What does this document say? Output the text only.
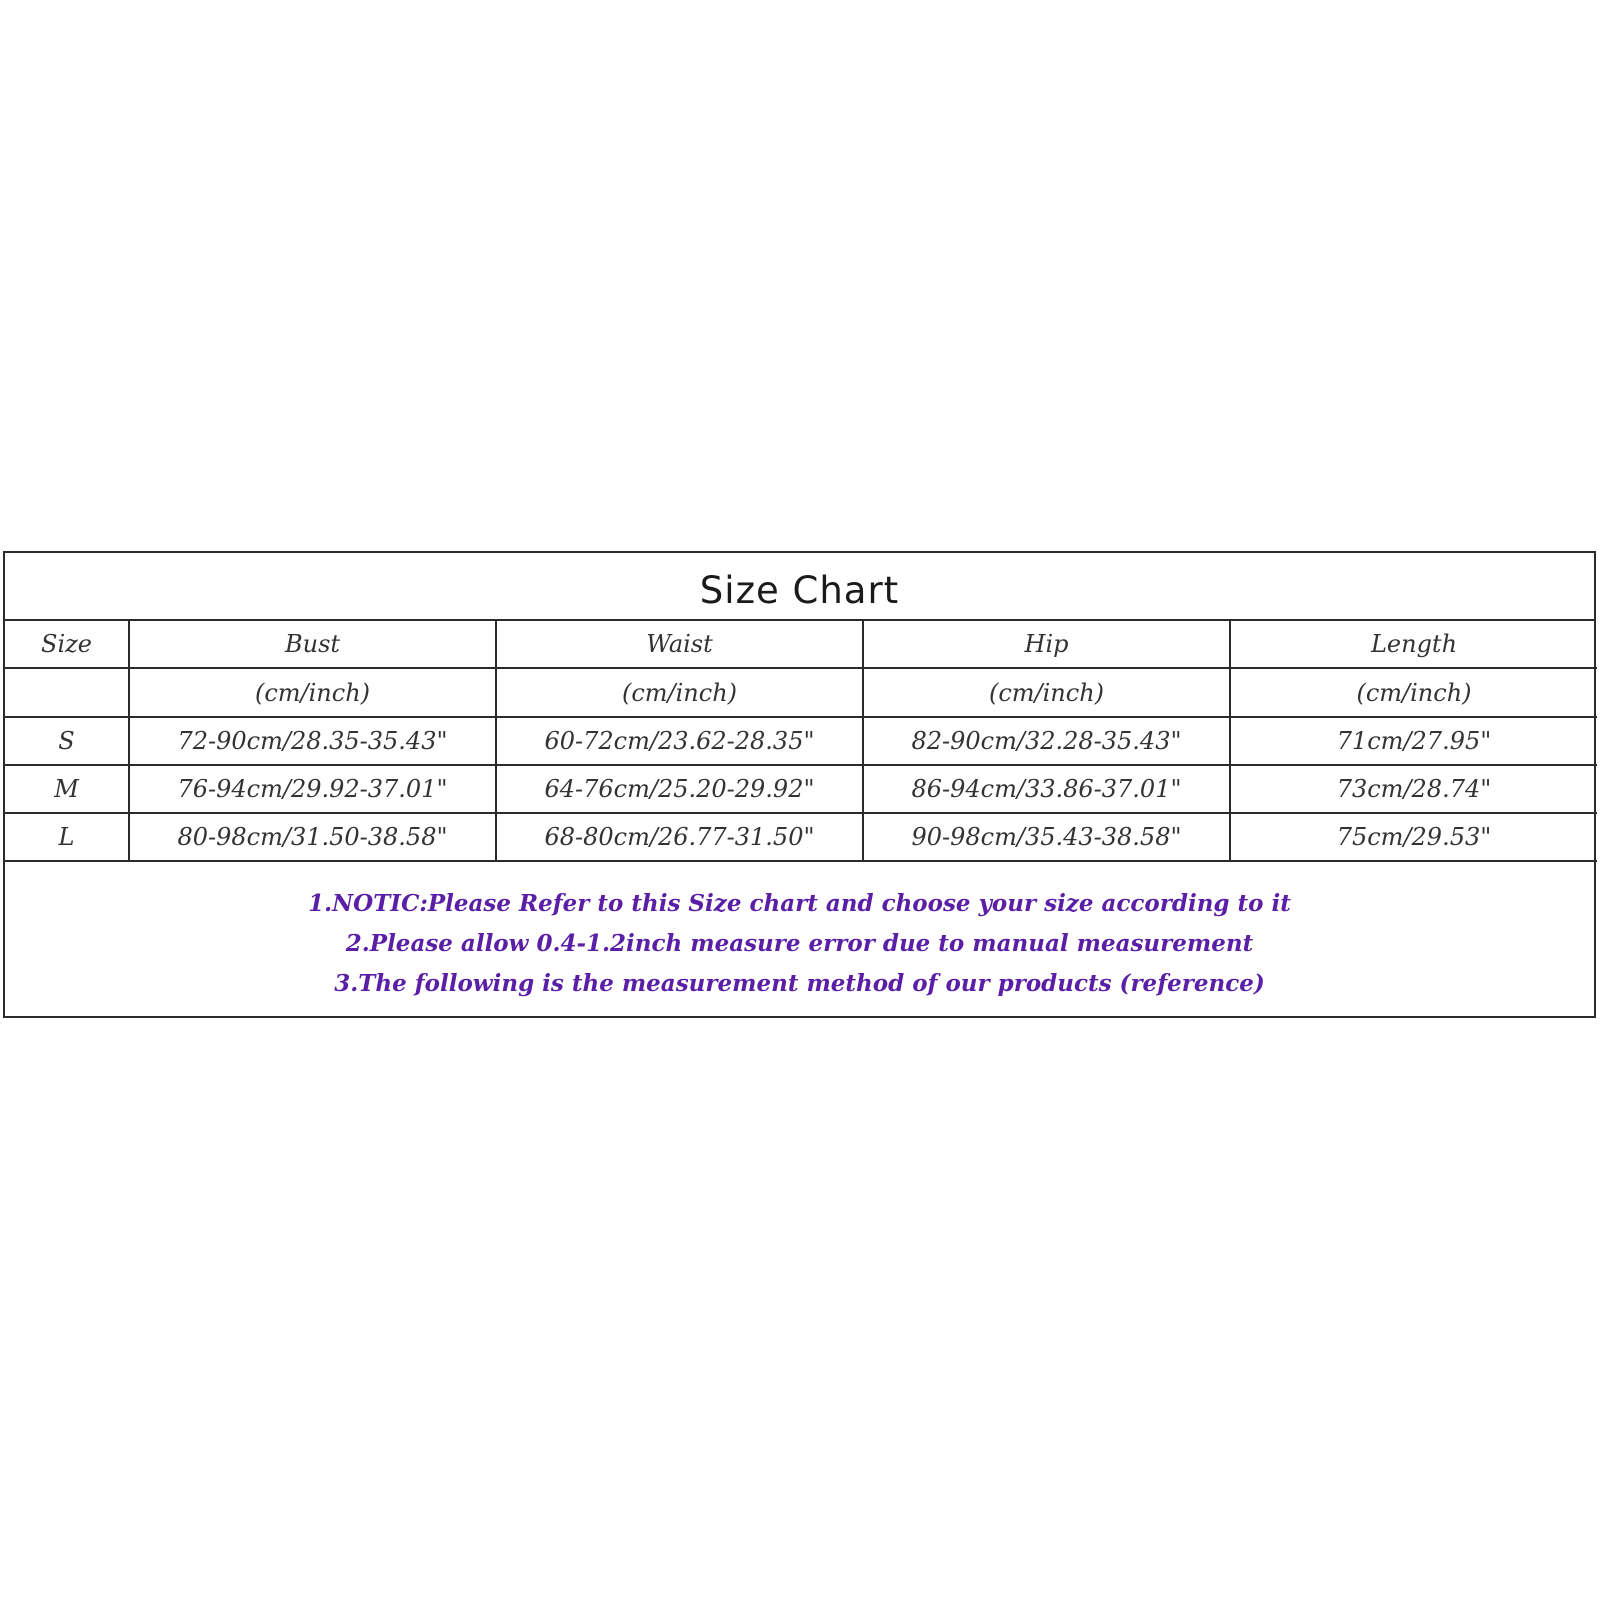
Size Chart
Size	Bust	Waist	Hip	Length
	(cm/inch)	(cm/inch)	(cm/inch)	(cm/inch)
S	72-90cm/28.35-35.43"	60-72cm/23.62-28.35"	82-90cm/32.28-35.43"	71cm/27.95"
M	76-94cm/29.92-37.01"	64-76cm/25.20-29.92"	86-94cm/33.86-37.01"	73cm/28.74"
L	80-98cm/31.50-38.58"	68-80cm/26.77-31.50"	90-98cm/35.43-38.58"	75cm/29.53"
1.NOTIC:Please Refer to this Size chart and choose your size according to it
2.Please allow 0.4-1.2inch measure error due to manual measurement
3.The following is the measurement method of our products (reference)
